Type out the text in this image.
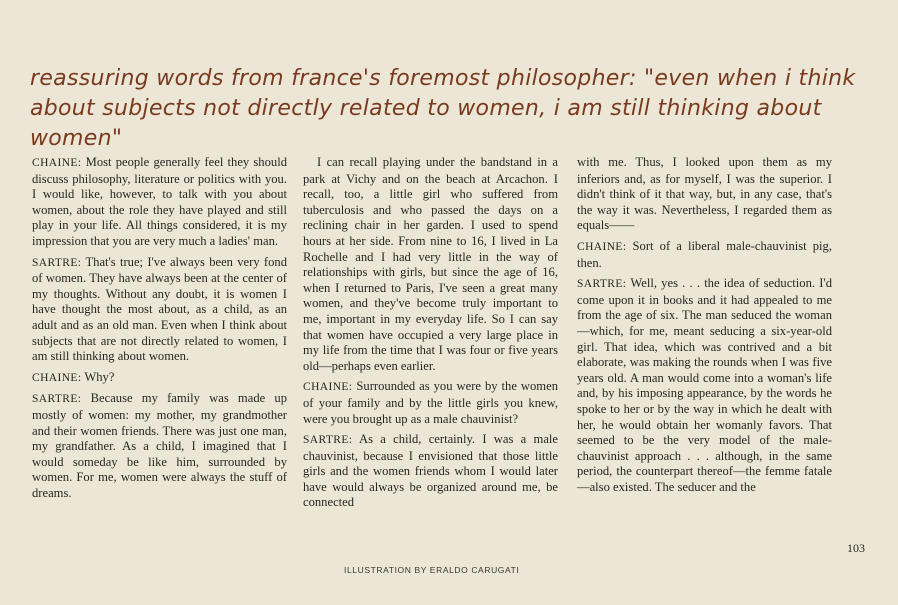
reassuring words from france's foremost philosopher: "even when i think about subjects not directly related to women, i am still thinking about women"

CHAINE: Most people generally feel they should discuss philosophy, literature or politics with you. I would like, however, to talk with you about women, about the role they have played and still play in your life. All things considered, it is my impression that you are very much a ladies' man.

SARTRE: That's true; I've always been very fond of women. They have always been at the center of my thoughts. Without any doubt, it is women I have thought the most about, as a child, as an adult and as an old man. Even when I think about subjects that are not directly related to women, I am still thinking about women.

CHAINE: Why?

SARTRE: Because my family was made up mostly of women: my mother, my grandmother and their women friends. There was just one man, my grandfather. As a child, I imagined that I would someday be like him, surrounded by women. For me, women were always the stuff of dreams.

I can recall playing under the bandstand in a park at Vichy and on the beach at Arcachon. I recall, too, a little girl who suffered from tuberculosis and who passed the days on a reclining chair in her garden. I used to spend hours at her side. From nine to 16, I lived in La Rochelle and I had very little in the way of relationships with girls, but since the age of 16, when I returned to Paris, I've seen a great many women, and they've become truly important to me, important in my everyday life. So I can say that women have occupied a very large place in my life from the time that I was four or five years old—perhaps even earlier.

CHAINE: Surrounded as you were by the women of your family and by the little girls you knew, were you brought up as a male chauvinist?

SARTRE: As a child, certainly. I was a male chauvinist, because I envisioned that those little girls and the women friends whom I would later have would always be organized around me, be connected

with me. Thus, I looked upon them as my inferiors and, as for myself, I was the superior. I didn't think of it that way, but, in any case, that's the way it was. Nevertheless, I regarded them as equals——

CHAINE: Sort of a liberal male-chauvinist pig, then.

SARTRE: Well, yes . . . the idea of seduction. I'd come upon it in books and it had appealed to me from the age of six. The man seduced the woman—which, for me, meant seducing a six-year-old girl. That idea, which was contrived and a bit elaborate, was making the rounds when I was five years old. A man would come into a woman's life and, by his imposing appearance, by the words he spoke to her or by the way in which he dealt with her, he would obtain her womanly favors. That seemed to be the very model of the male-chauvinist approach . . . although, in the same period, the counterpart thereof—the femme fatale—also existed. The seducer and the

ILLUSTRATION BY ERALDO CARUGATI
103
